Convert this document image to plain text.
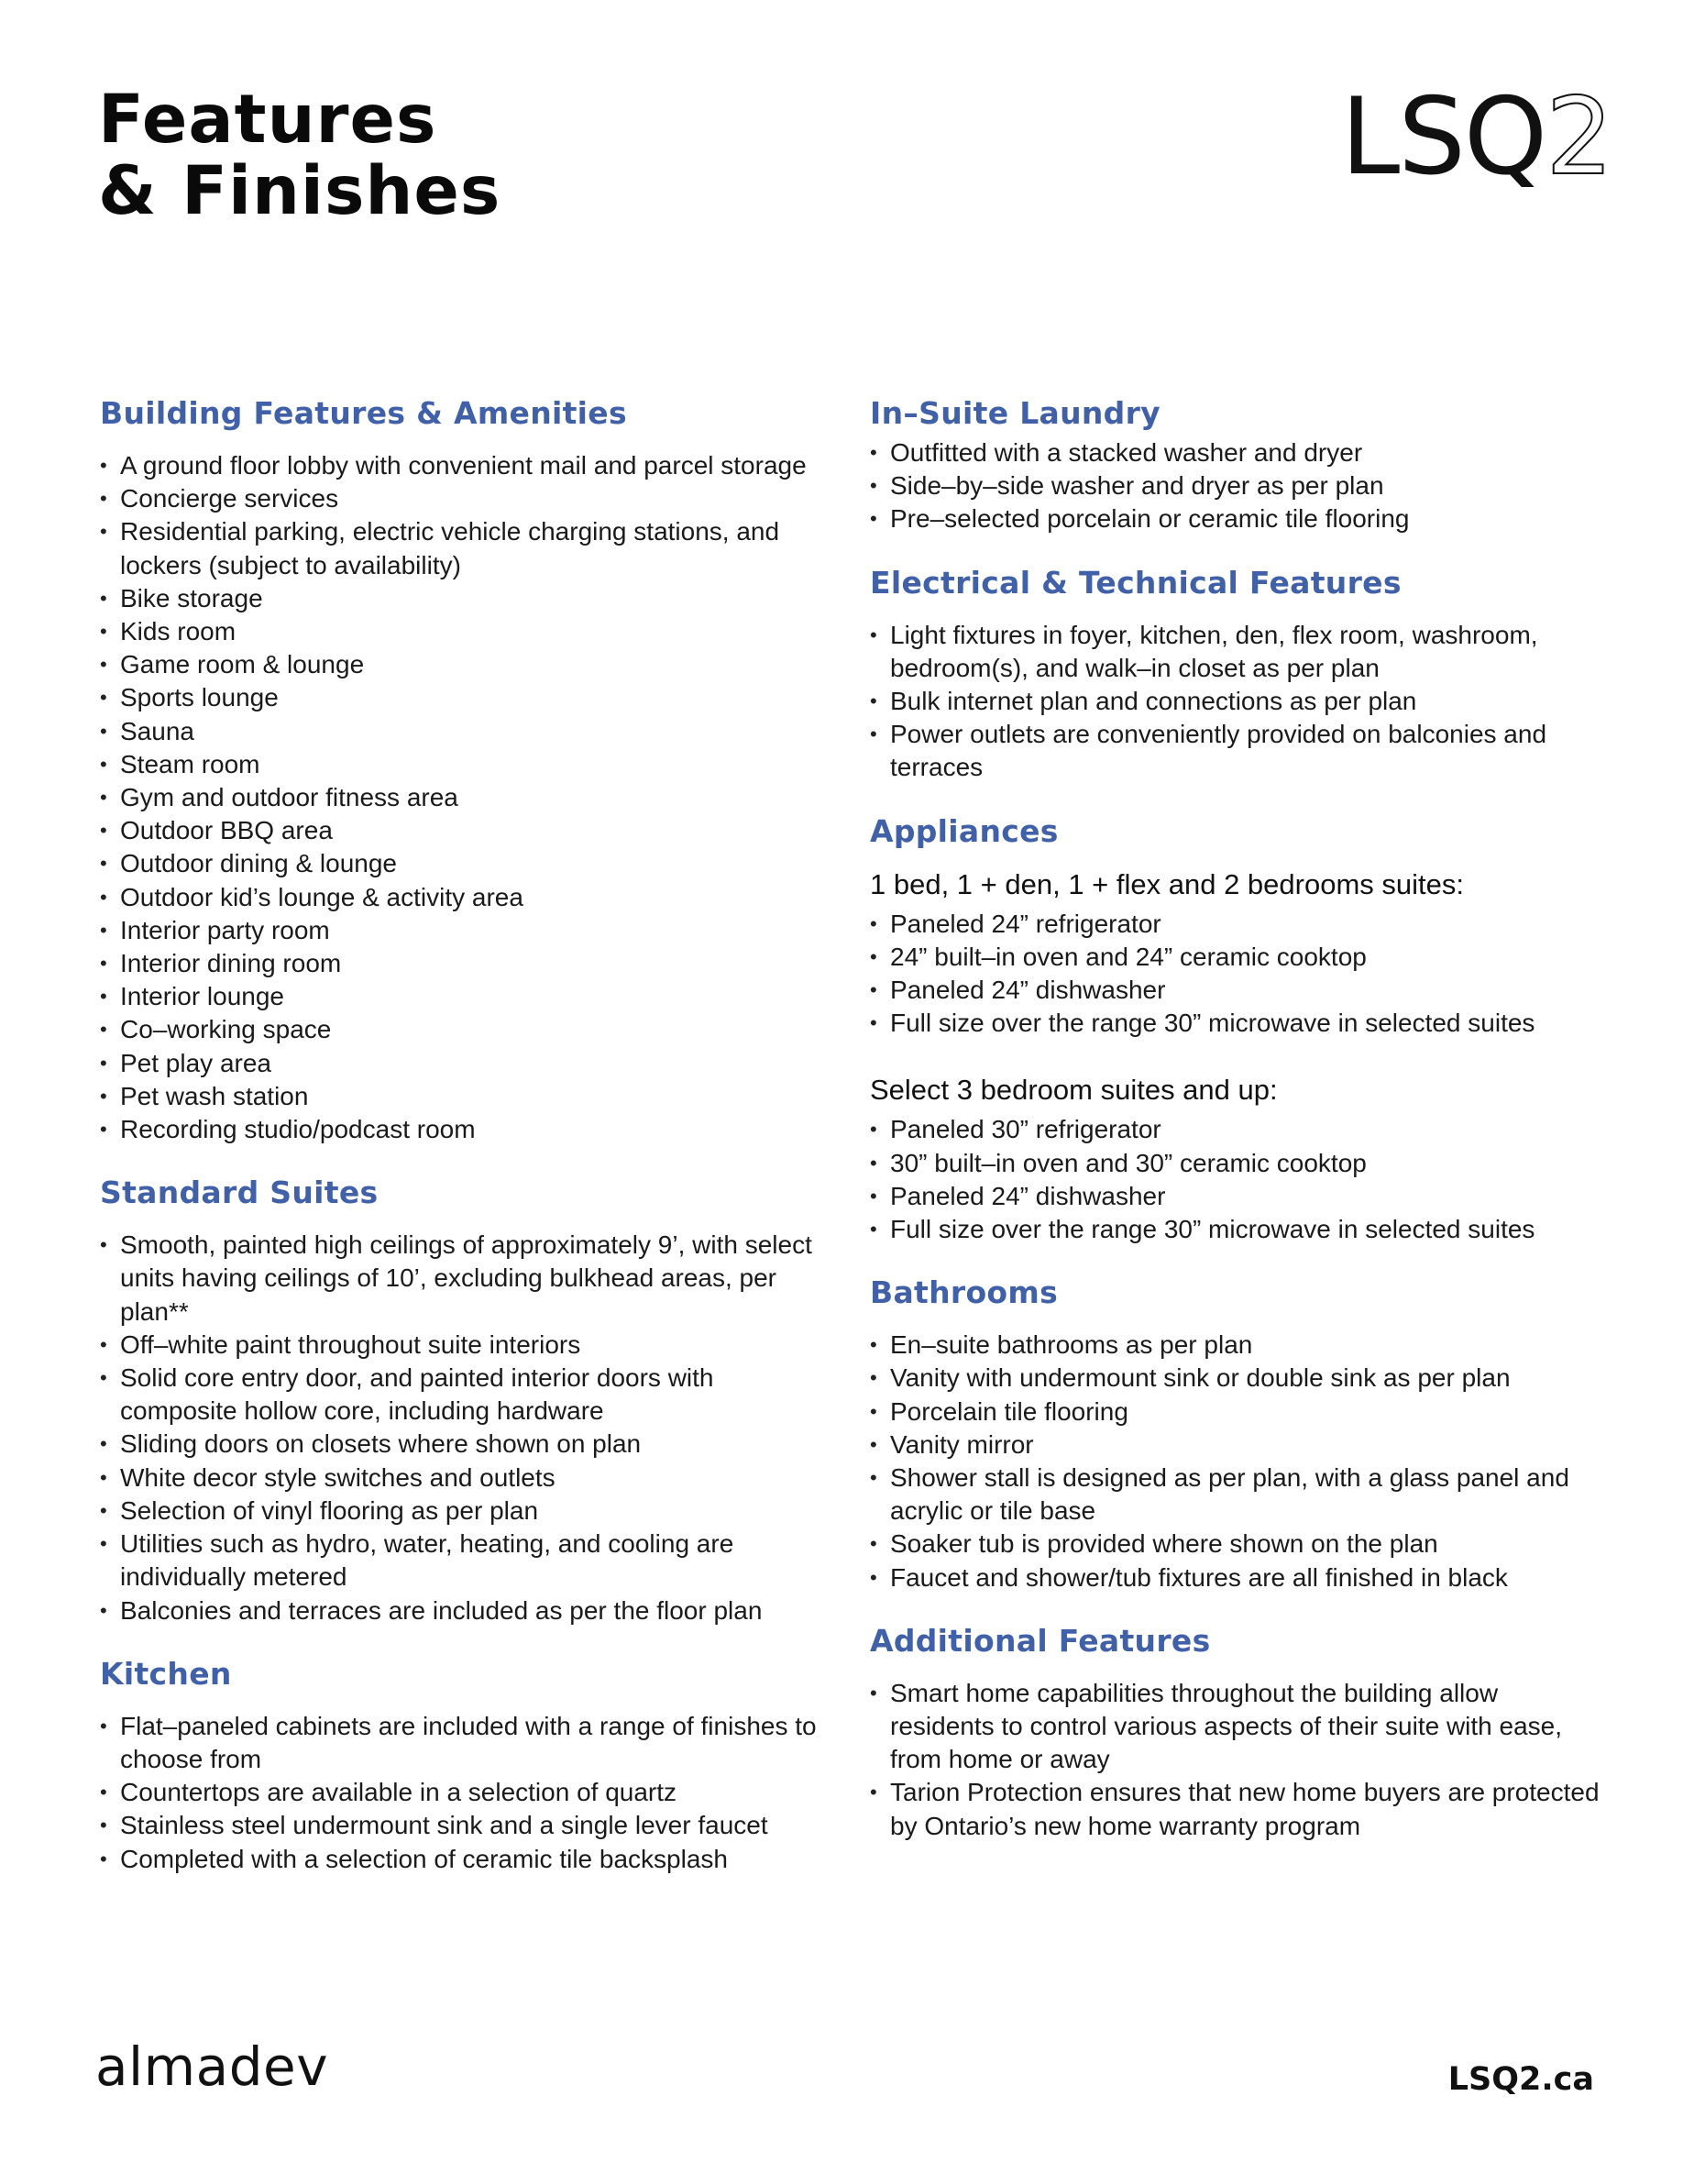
Features
& Finishes	LSQ2
Building Features & Amenities
• A ground floor lobby with convenient mail and parcel storage
• Concierge services
• Residential parking, electric vehicle charging stations, and lockers (subject to availability)
• Bike storage
• Kids room
• Game room & lounge
• Sports lounge
• Sauna
• Steam room
• Gym and outdoor fitness area
• Outdoor BBQ area
• Outdoor dining & lounge
• Outdoor kid’s lounge & activity area
• Interior party room
• Interior dining room
• Interior lounge
• Co–working space
• Pet play area
• Pet wash station
• Recording studio/podcast room
Standard Suites
• Smooth, painted high ceilings of approximately 9’, with select units having ceilings of 10’, excluding bulkhead areas, per plan**
• Off–white paint throughout suite interiors
• Solid core entry door, and painted interior doors with composite hollow core, including hardware
• Sliding doors on closets where shown on plan
• White decor style switches and outlets
• Selection of vinyl flooring as per plan
• Utilities such as hydro, water, heating, and cooling are individually metered
• Balconies and terraces are included as per the floor plan
Kitchen
• Flat–paneled cabinets are included with a range of finishes to choose from
• Countertops are available in a selection of quartz
• Stainless steel undermount sink and a single lever faucet
• Completed with a selection of ceramic tile backsplash
In–Suite Laundry
• Outfitted with a stacked washer and dryer
• Side–by–side washer and dryer as per plan
• Pre–selected porcelain or ceramic tile flooring
Electrical & Technical Features
• Light fixtures in foyer, kitchen, den, flex room, washroom, bedroom(s), and walk–in closet as per plan
• Bulk internet plan and connections as per plan
• Power outlets are conveniently provided on balconies and terraces
Appliances
1 bed, 1 + den, 1 + flex and 2 bedrooms suites:
• Paneled 24” refrigerator
• 24” built–in oven and 24” ceramic cooktop
• Paneled 24” dishwasher
• Full size over the range 30” microwave in selected suites
Select 3 bedroom suites and up:
• Paneled 30” refrigerator
• 30” built–in oven and 30” ceramic cooktop
• Paneled 24” dishwasher
• Full size over the range 30” microwave in selected suites
Bathrooms
• En–suite bathrooms as per plan
• Vanity with undermount sink or double sink as per plan
• Porcelain tile flooring
• Vanity mirror
• Shower stall is designed as per plan, with a glass panel and acrylic or tile base
• Soaker tub is provided where shown on the plan
• Faucet and shower/tub fixtures are all finished in black
Additional Features
• Smart home capabilities throughout the building allow residents to control various aspects of their suite with ease, from home or away
• Tarion Protection ensures that new home buyers are protected by Ontario’s new home warranty program
almadev	LSQ2.ca
